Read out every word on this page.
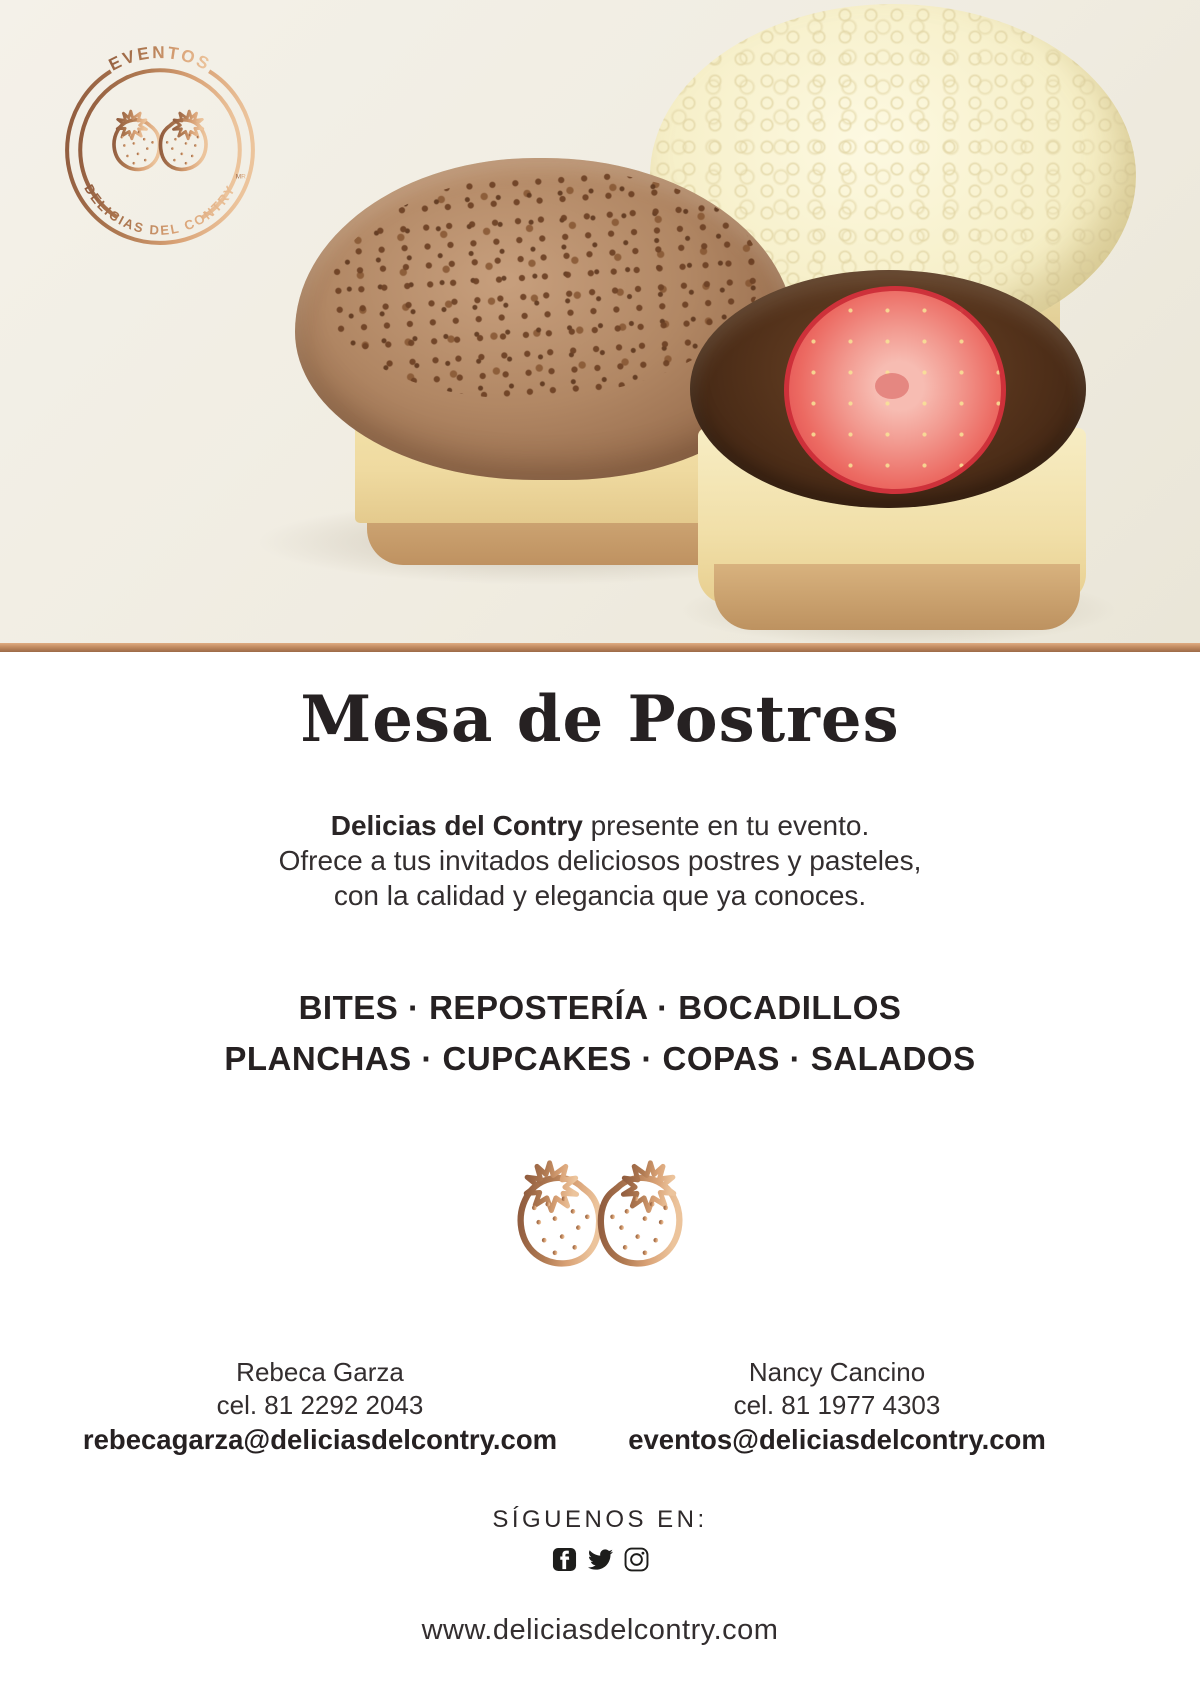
EVENTOS
DELICIAS DEL CONTRY
MR
Mesa de Postres
Delicias del Contry presente en tu evento.
Ofrece a tus invitados deliciosos postres y pasteles,
con la calidad y elegancia que ya conoces.
BITES · REPOSTERÍA · BOCADILLOS
PLANCHAS · CUPCAKES · COPAS · SALADOS
Rebeca Garza
cel. 81 2292 2043
rebecagarza@deliciasdelcontry.com
Nancy Cancino
cel. 81 1977 4303
eventos@deliciasdelcontry.com
SÍGUENOS EN:
www.deliciasdelcontry.com
